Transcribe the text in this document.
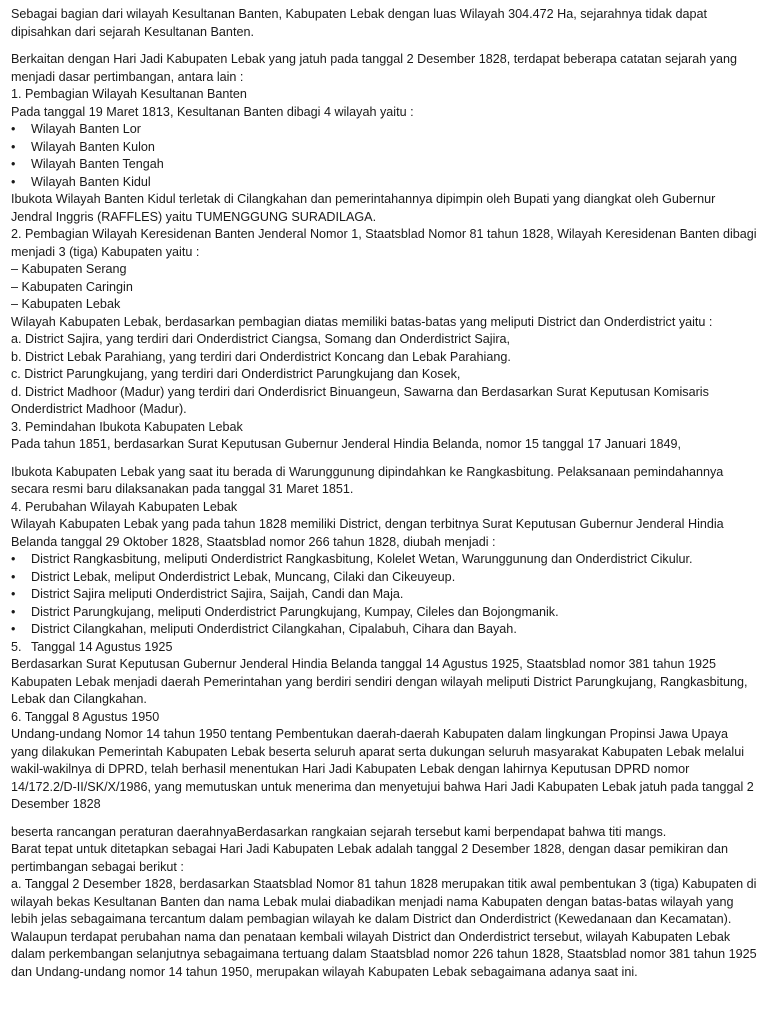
Sebagai bagian dari wilayah Kesultanan Banten, Kabupaten Lebak dengan luas Wilayah 304.472 Ha, sejarahnya tidak dapat dipisahkan dari sejarah Kesultanan Banten.

Berkaitan dengan Hari Jadi Kabupaten Lebak yang jatuh pada tanggal 2 Desember 1828, terdapat beberapa catatan sejarah yang menjadi dasar pertimbangan, antara lain :

1. Pembagian Wilayah Kesultanan Banten

Pada tanggal 19 Maret 1813, Kesultanan Banten dibagi 4 wilayah yaitu :

• Wilayah Banten Lor
• Wilayah Banten Kulon
• Wilayah Banten Tengah
• Wilayah Banten Kidul

Ibukota Wilayah Banten Kidul terletak di Cilangkahan dan pemerintahannya dipimpin oleh Bupati yang diangkat oleh Gubernur Jendral Inggris (RAFFLES) yaitu TUMENGGUNG SURADILAGA.

2. Pembagian Wilayah Keresidenan Banten Jenderal Nomor 1, Staatsblad Nomor 81 tahun 1828, Wilayah Keresidenan Banten dibagi menjadi 3 (tiga) Kabupaten yaitu :

– Kabupaten Serang

– Kabupaten Caringin

– Kabupaten Lebak

Wilayah Kabupaten Lebak, berdasarkan pembagian diatas memiliki batas-batas yang meliputi District dan Onderdistrict yaitu :

a. District Sajira, yang terdiri dari Onderdistrict Ciangsa, Somang dan Onderdistrict Sajira,

b. District Lebak Parahiang, yang terdiri dari Onderdistrict Koncang dan Lebak Parahiang.

c. District Parungkujang, yang terdiri dari Onderdistrict Parungkujang dan Kosek,

d. District Madhoor (Madur) yang terdiri dari Onderdisrict Binuangeun, Sawarna dan Berdasarkan Surat Keputusan Komisaris Onderdistrict Madhoor (Madur).

3. Pemindahan Ibukota Kabupaten Lebak

Pada tahun 1851, berdasarkan Surat Keputusan Gubernur Jenderal Hindia Belanda, nomor 15 tanggal 17 Januari 1849,

Ibukota Kabupaten Lebak yang saat itu berada di Warunggunung dipindahkan ke Rangkasbitung. Pelaksanaan pemindahannya secara resmi baru dilaksanakan pada tanggal 31 Maret 1851.

4. Perubahan Wilayah Kabupaten Lebak

Wilayah Kabupaten Lebak yang pada tahun 1828 memiliki District, dengan terbitnya Surat Keputusan Gubernur Jenderal Hindia Belanda tanggal 29 Oktober 1828, Staatsblad nomor 266 tahun 1828, diubah menjadi :

• District Rangkasbitung, meliputi Onderdistrict Rangkasbitung, Kolelet Wetan, Warunggunung dan Onderdistrict Cikulur.
• District Lebak, meliput Onderdistrict Lebak, Muncang, Cilaki dan Cikeuyeup.
• District Sajira meliputi Onderdistrict Sajira, Saijah, Candi dan Maja.
• District Parungkujang, meliputi Onderdistrict Parungkujang, Kumpay, Cileles dan Bojongmanik.
• District Cilangkahan, meliputi Onderdistrict Cilangkahan, Cipalabuh, Cihara dan Bayah.
5. Tanggal 14 Agustus 1925

Berdasarkan Surat Keputusan Gubernur Jenderal Hindia Belanda tanggal 14 Agustus 1925, Staatsblad nomor 381 tahun 1925 Kabupaten Lebak menjadi daerah Pemerintahan yang berdiri sendiri dengan wilayah meliputi District Parungkujang, Rangkasbitung, Lebak dan Cilangkahan.

6. Tanggal 8 Agustus 1950

Undang-undang Nomor 14 tahun 1950 tentang Pembentukan daerah-daerah Kabupaten dalam lingkungan Propinsi Jawa Upaya yang dilakukan Pemerintah Kabupaten Lebak beserta seluruh aparat serta dukungan seluruh masyarakat Kabupaten Lebak melalui wakil-wakilnya di DPRD, telah berhasil menentukan Hari Jadi Kabupaten Lebak dengan lahirnya Keputusan DPRD nomor 14/172.2/D-II/SK/X/1986, yang memutuskan untuk menerima dan menyetujui bahwa Hari Jadi Kabupaten Lebak jatuh pada tanggal 2 Desember 1828

beserta rancangan peraturan daerahnyaBerdasarkan rangkaian sejarah tersebut kami berpendapat bahwa titi mangs.

Barat tepat untuk ditetapkan sebagai Hari Jadi Kabupaten Lebak adalah tanggal 2 Desember 1828, dengan dasar pemikiran dan pertimbangan sebagai berikut :

a. Tanggal 2 Desember 1828, berdasarkan Staatsblad Nomor 81 tahun 1828 merupakan titik awal pembentukan 3 (tiga) Kabupaten di wilayah bekas Kesultanan Banten dan nama Lebak mulai diabadikan menjadi nama Kabupaten dengan batas-batas wilayah yang lebih jelas sebagaimana tercantum dalam pembagian wilayah ke dalam District dan Onderdistrict (Kewedanaan dan Kecamatan). Walaupun terdapat perubahan nama dan penataan kembali wilayah District dan Onderdistrict tersebut, wilayah Kabupaten Lebak dalam perkembangan selanjutnya sebagaimana tertuang dalam Staatsblad nomor 226 tahun 1828, Staatsblad nomor 381 tahun 1925 dan Undang-undang nomor 14 tahun 1950, merupakan wilayah Kabupaten Lebak sebagaimana adanya saat ini.
